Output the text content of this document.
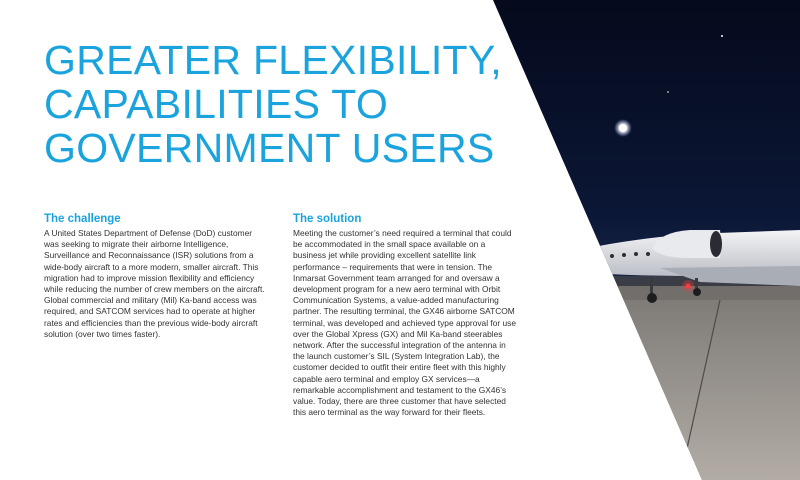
GREATER FLEXIBILITY,
CAPABILITIES TO
GOVERNMENT USERS
The challenge

A United States Department of Defense (DoD) customer was seeking to migrate their airborne Intelligence, Surveillance and Reconnaissance (ISR) solutions from a wide-body aircraft to a more modern, smaller aircraft. This migration had to improve mission flexibility and efficiency while reducing the number of crew members on the aircraft. Global commercial and military (Mil) Ka-band access was required, and SATCOM services had to operate at higher rates and efficiencies than the previous wide-body aircraft solution (over two times faster).

The solution

Meeting the customer’s need required a terminal that could be accommodated in the small space available on a business jet while providing excellent satellite link performance – requirements that were in tension. The Inmarsat Government team arranged for and oversaw a development program for a new aero terminal with Orbit Communication Systems, a value-added manufacturing partner. The resulting terminal, the GX46 airborne SATCOM terminal, was developed and achieved type approval for use over the Global Xpress (GX) and Mil Ka-band steerables network. After the successful integration of the antenna in the launch customer’s SIL (System Integration Lab), the customer decided to outfit their entire fleet with this highly capable aero terminal and employ GX services—a remarkable accomplishment and testament to the GX46’s value. Today, there are three customer that have selected this aero terminal as the way forward for their fleets.
